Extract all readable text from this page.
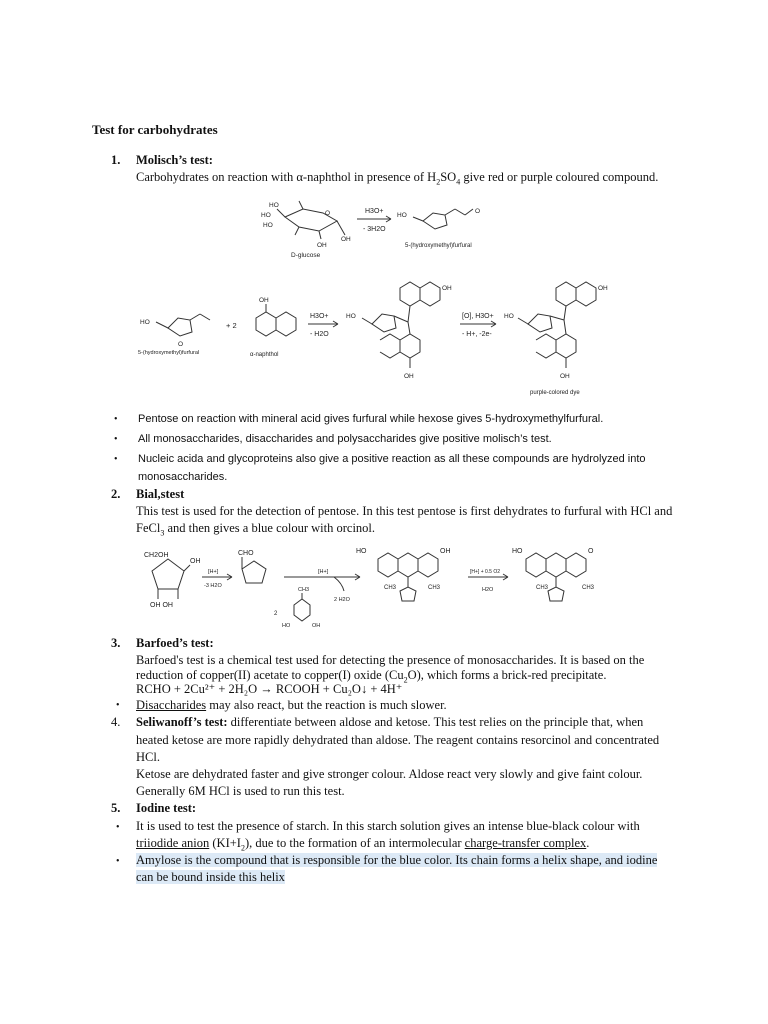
Test for carbohydrates
1. Molisch’s test:
Carbohydrates on reaction with α-naphthol in presence of $H_2SO_4$ give red or purple coloured compound.
HO
HO
HO
O
OH
OH
D-glucose
H3O+
- 3H2O
HO
O
5-(hydroxymethyl)furfural
HO
O
5-(hydroxymethyl)furfural
+ 2
OH
α-naphthol
H3O+
- H2O
HO
OH
OH
[O], H3O+
- H+, -2e-
HO
OH
OH
purple-colored dye
• Pentose on reaction with mineral acid gives furfural while hexose gives 5-hydroxymethylfurfural.
• All monosaccharides, disaccharides and polysaccharides give positive molisch’s test.
• Nucleic acida and glycoproteins also give a positive reaction as all these compounds are hydrolyzed into
monosaccharides.
2. Bial,stest
This test is used for the detection of pentose. In this test pentose is first dehydrates to furfural with HCl and
FeCl$_3$ and then gives a blue colour with orcinol.
CH2OH
OH
OH OH
[H+]
-3 H2O
CHO
[H+]
2
CH3
HO	OH
2 H2O
HO	OH
CH3	CH3
[H+] + 0.5 O2
H2O
HO	O
CH3	CH3
3. Barfoed’s test:
Barfoed's test is a chemical test used for detecting the presence of monosaccharides. It is based on the
reduction of copper(II) acetate to copper(I) oxide $(Cu_2O)$, which forms a brick-red precipitate.
RCHO + 2Cu²⁺ + 2H₂O → RCOOH + Cu₂O↓ + 4H⁺
• Disaccharides may also react, but the reaction is much slower.
4. Seliwanoff’s test: differentiate between aldose and ketose. This test relies on the principle that, when
heated ketose are more rapidly dehydrated than aldose. The reagent contains resorcinol and concentrated
HCl.
Ketose are dehydrated faster and give stronger colour. Aldose react very slowly and give faint colour.
Generally 6M HCl is used to run this test.
5. Iodine test:
• It is used to test the presence of starch. In this starch solution gives an intense blue-black colour with
triiodide anion $(KI+I_2)$, due to the formation of an intermolecular charge-transfer complex.
• Amylose is the compound that is responsible for the blue color. Its chain forms a helix shape, and iodine
can be bound inside this helix
